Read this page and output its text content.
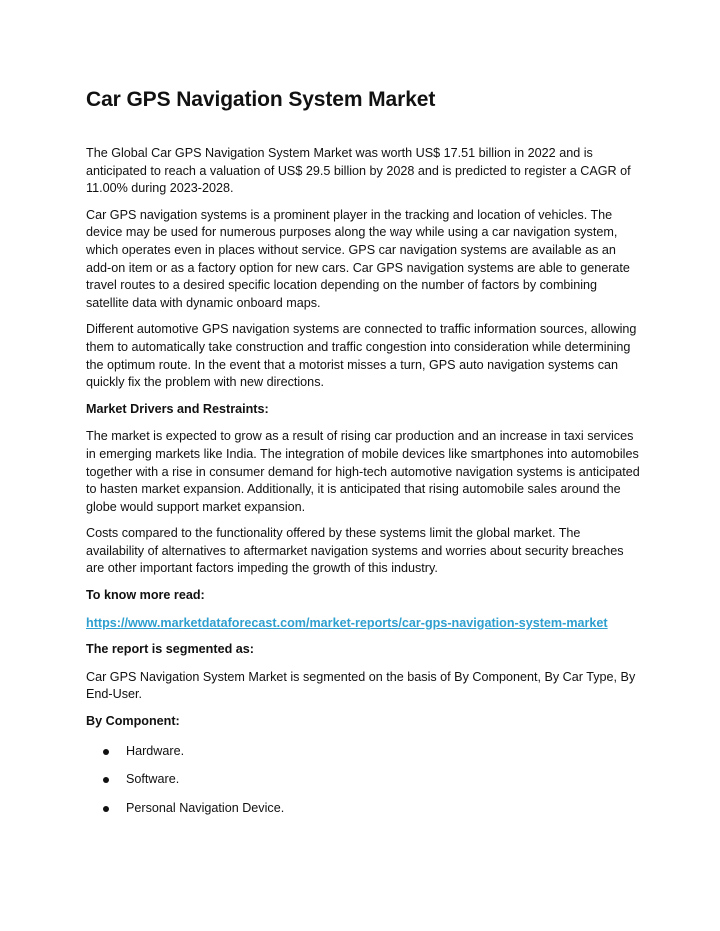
Car GPS Navigation System Market

The Global Car GPS Navigation System Market was worth US$ 17.51 billion in 2022 and is anticipated to reach a valuation of US$ 29.5 billion by 2028 and is predicted to register a CAGR of 11.00% during 2023-2028.

Car GPS navigation systems is a prominent player in the tracking and location of vehicles. The device may be used for numerous purposes along the way while using a car navigation system, which operates even in places without service. GPS car navigation systems are available as an add-on item or as a factory option for new cars. Car GPS navigation systems are able to generate travel routes to a desired specific location depending on the number of factors by combining satellite data with dynamic onboard maps.

Different automotive GPS navigation systems are connected to traffic information sources, allowing them to automatically take construction and traffic congestion into consideration while determining the optimum route. In the event that a motorist misses a turn, GPS auto navigation systems can quickly fix the problem with new directions.

Market Drivers and Restraints:

The market is expected to grow as a result of rising car production and an increase in taxi services in emerging markets like India. The integration of mobile devices like smartphones into automobiles together with a rise in consumer demand for high-tech automotive navigation systems is anticipated to hasten market expansion. Additionally, it is anticipated that rising automobile sales around the globe would support market expansion.

Costs compared to the functionality offered by these systems limit the global market. The availability of alternatives to aftermarket navigation systems and worries about security breaches are other important factors impeding the growth of this industry.

To know more read:

https://www.marketdataforecast.com/market-reports/car-gps-navigation-system-market

The report is segmented as:

Car GPS Navigation System Market is segmented on the basis of By Component, By Car Type, By End-User.

By Component:

Hardware.
Software.
Personal Navigation Device.
